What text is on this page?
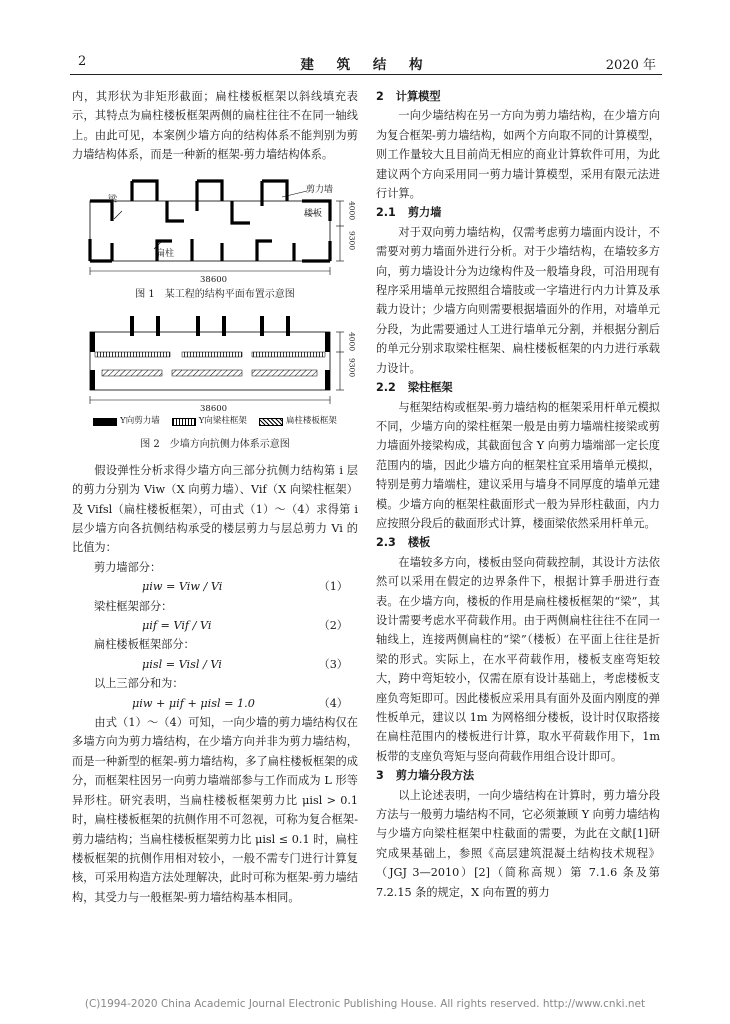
2	建 筑 结 构	2020 年

内，其形状为非矩形截面；扁柱楼板框架以斜线填充表示，其特点为扁柱楼板框架两侧的扁柱往往不在同一轴线上。由此可见，本案例少墙方向的结构体系不能判别为剪力墙结构体系，而是一种新的框架-剪力墙结构体系。

梁
剪力墙
楼板
扁柱
38600
4000
9300
图 1　某工程的结构平面布置示意图
38600
4000
9300
Y向剪力墙	Y向梁柱框架	扁柱楼板框架
图 2　少墙方向抗侧力体系示意图

假设弹性分析求得少墙方向三部分抗侧力结构第 i 层的剪力分别为 Viw（X 向剪力墙）、Vif（X 向梁柱框架）及 Vifsl（扁柱楼板框架），可由式（1）～（4）求得第 i 层少墙方向各抗侧结构承受的楼层剪力与层总剪力 Vi 的比值为：

剪力墙部分：
μiw = Viw / Vi	（1）
梁柱框架部分：
μif = Vif / Vi	（2）
扁柱楼板框架部分：
μisl = Visl / Vi	（3）
以上三部分和为：
μiw + μif + μisl = 1.0	（4）

由式（1）～（4）可知，一向少墙的剪力墙结构仅在多墙方向为剪力墙结构，在少墙方向并非为剪力墙结构，而是一种新型的框架-剪力墙结构，多了扁柱楼板框架的成分，而框架柱因另一向剪力墙端部参与工作而成为 L 形等异形柱。研究表明，当扁柱楼板框架剪力比 μisl > 0.1 时，扁柱楼板框架的抗侧作用不可忽视，可称为复合框架-剪力墙结构；当扁柱楼板框架剪力比 μisl ≤ 0.1 时，扁柱楼板框架的抗侧作用相对较小，一般不需专门进行计算复核，可采用构造方法处理解决，此时可称为框架-剪力墙结构，其受力与一般框架-剪力墙结构基本相同。

2 计算模型

一向少墙结构在另一方向为剪力墙结构，在少墙方向为复合框架-剪力墙结构，如两个方向取不同的计算模型，则工作量较大且目前尚无相应的商业计算软件可用，为此建议两个方向采用同一剪力墙计算模型，采用有限元法进行计算。

2.1 剪力墙

对于双向剪力墙结构，仅需考虑剪力墙面内设计，不需要对剪力墙面外进行分析。对于少墙结构，在墙较多方向，剪力墙设计分为边缘构件及一般墙身段，可沿用现有程序采用墙单元按照组合墙肢或一字墙进行内力计算及承载力设计；少墙方向则需要根据墙面外的作用，对墙单元分段，为此需要通过人工进行墙单元分割，并根据分割后的单元分别求取梁柱框架、扁柱楼板框架的内力进行承载力设计。

2.2 梁柱框架

与框架结构或框架-剪力墙结构的框架采用杆单元模拟不同，少墙方向的梁柱框架一般是由剪力墙端柱接梁或剪力墙面外接梁构成，其截面包含 Y 向剪力墙端部一定长度范围内的墙，因此少墙方向的框架柱宜采用墙单元模拟，特别是剪力墙端柱，建议采用与墙身不同厚度的墙单元建模。少墙方向的框架柱截面形式一般为异形柱截面，内力应按照分段后的截面形式计算，楼面梁依然采用杆单元。

2.3 楼板

在墙较多方向，楼板由竖向荷载控制，其设计方法依然可以采用在假定的边界条件下，根据计算手册进行查表。在少墙方向，楼板的作用是扁柱楼板框架的“梁”，其设计需要考虑水平荷载作用。由于两侧扁柱往往不在同一轴线上，连接两侧扁柱的“梁”（楼板）在平面上往往是折梁的形式。实际上，在水平荷载作用，楼板支座弯矩较大，跨中弯矩较小，仅需在原有设计基础上，考虑楼板支座负弯矩即可。因此楼板应采用具有面外及面内刚度的弹性板单元，建议以 1m 为网格细分楼板，设计时仅取搭接在扁柱范围内的楼板进行计算，取水平荷载作用下，1m 板带的支座负弯矩与竖向荷载作用组合设计即可。

3 剪力墙分段方法

以上论述表明，一向少墙结构在计算时，剪力墙分段方法与一般剪力墙结构不同，它必须兼顾 Y 向剪力墙结构与少墙方向梁柱框架中柱截面的需要，为此在文献[1]研究成果基础上，参照《高层建筑混凝土结构技术规程》（JGJ 3—2010）[2]（简称高规）第 7.1.6 条及第 7.2.15 条的规定，X 向布置的剪力

(C)1994-2020 China Academic Journal Electronic Publishing House. All rights reserved. http://www.cnki.net
